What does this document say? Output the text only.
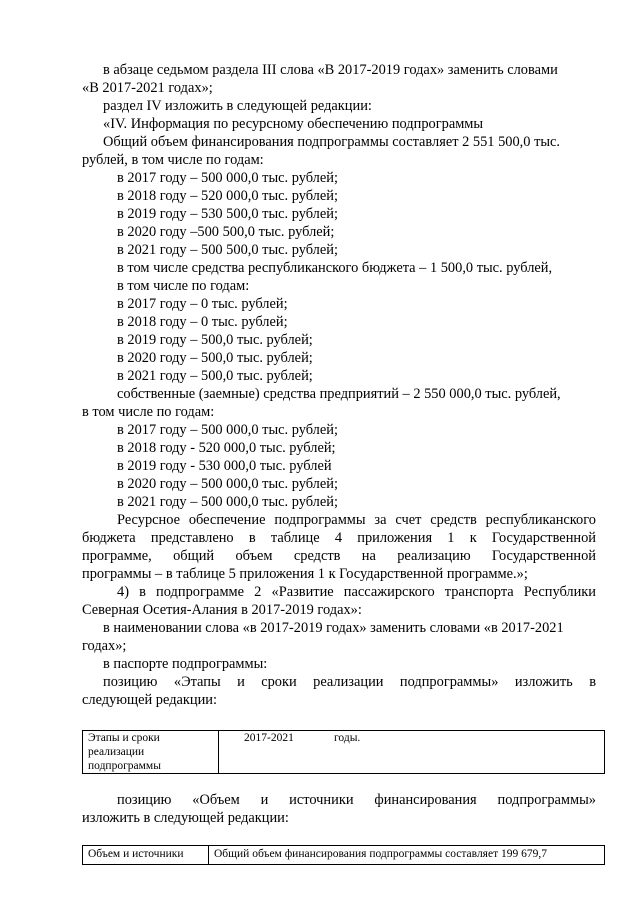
в абзаце седьмом раздела III слова «В 2017-2019 годах» заменить словами
«В 2017-2021 годах»;
раздел IV изложить в следующей редакции:
«IV. Информация по ресурсному обеспечению подпрограммы
Общий объем финансирования подпрограммы составляет 2 551 500,0 тыс.
рублей, в том числе по годам:
в 2017 году – 500 000,0 тыс. рублей;
в 2018 году – 520 000,0 тыс. рублей;
в 2019 году – 530 500,0 тыс. рублей;
в 2020 году –500 500,0 тыс. рублей;
в 2021 году – 500 500,0 тыс. рублей;
в том числе средства республиканского бюджета – 1 500,0 тыс. рублей,
в том числе по годам:
в 2017 году – 0 тыс. рублей;
в 2018 году – 0 тыс. рублей;
в 2019 году – 500,0 тыс. рублей;
в 2020 году – 500,0 тыс. рублей;
в 2021 году – 500,0 тыс. рублей;
собственные (заемные) средства предприятий – 2 550 000,0 тыс. рублей,
в том числе по годам:
в 2017 году – 500 000,0 тыс. рублей;
в 2018 году - 520 000,0 тыс. рублей;
в 2019 году - 530 000,0 тыс. рублей
в 2020 году – 500 000,0 тыс. рублей;
в 2021 году – 500 000,0 тыс. рублей;
Ресурсное обеспечение подпрограммы за счет средств республиканского
бюджета представлено в таблице 4 приложения 1 к Государственной
программе, общий объем средств на реализацию Государственной
программы – в таблице 5 приложения 1 к Государственной программе.»;
4) в подпрограмме 2 «Развитие пассажирского транспорта Республики
Северная Осетия-Алания в 2017-2019 годах»:
в наименовании слова «в 2017-2019 годах» заменить словами «в 2017-2021
годах»;
в паспорте подпрограммы:
позицию «Этапы и сроки реализации подпрограммы» изложить в
следующей редакции:
Этапы и сроки
реализации
подпрограммы
2017-2021	годы.
позицию «Объем и источники финансирования подпрограммы»
изложить в следующей редакции:
Объем и источники	Общий объем финансирования подпрограммы составляет 199 679,7
